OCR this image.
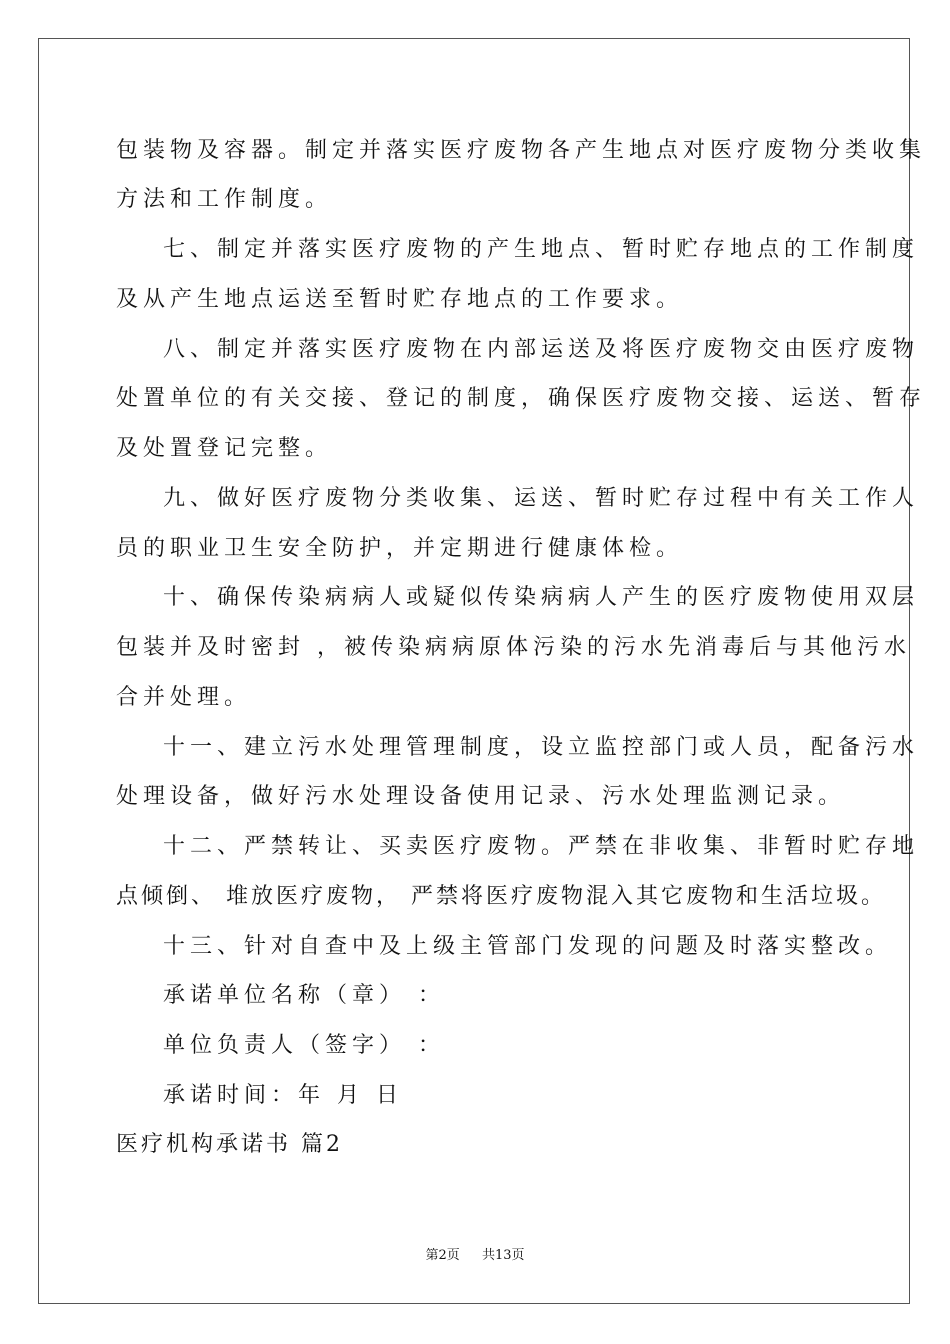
包装物及容器。制定并落实医疗废物各产生地点对医疗废物分类收集
方法和工作制度。
七、制定并落实医疗废物的产生地点、暂时贮存地点的工作制度
及从产生地点运送至暂时贮存地点的工作要求。
八、制定并落实医疗废物在内部运送及将医疗废物交由医疗废物
处置单位的有关交接、登记的制度，确保医疗废物交接、运送、暂存
及处置登记完整。
九、做好医疗废物分类收集、运送、暂时贮存过程中有关工作人
员的职业卫生安全防护，并定期进行健康体检。
十、确保传染病病人或疑似传染病病人产生的医疗废物使用双层
包装并及时密封 ，被传染病病原体污染的污水先消毒后与其他污水
合并处理。
十一、建立污水处理管理制度，设立监控部门或人员，配备污水
处理设备，做好污水处理设备使用记录、污水处理监测记录。
十二、严禁转让、买卖医疗废物。严禁在非收集、非暂时贮存地
点倾倒、 堆放医疗废物， 严禁将医疗废物混入其它废物和生活垃圾。
十三、针对自查中及上级主管部门发现的问题及时落实整改。
承诺单位名称（章） ：
单位负责人（签字） ：
承诺时间：年 月 日
医疗机构承诺书 篇2
第2页 共13页
